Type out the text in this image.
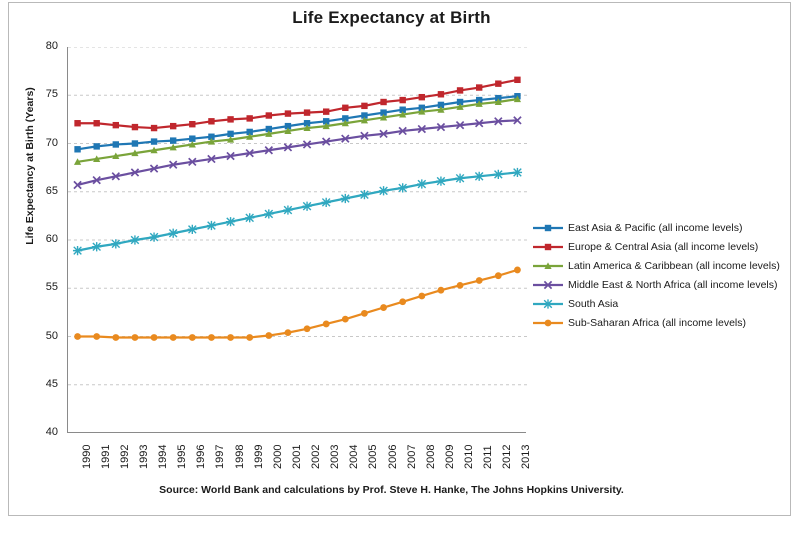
Life Expectancy at Birth
40
45
50
55
60
65
70
75
80
Life Expectancy at Birth (Years)
1990 1991 1992 1993 1994 1995 1996 1997 1998 1999 2000 2001 2002 2003 2004 2005 2006 2007 2008 2009 2010 2011 2012 2013
East Asia & Pacific (all income levels)
Europe & Central Asia (all income levels)
Latin America & Caribbean (all income levels)
Middle East & North Africa (all income levels)
South Asia
Sub-Saharan Africa (all income levels)
Source: World Bank and calculations by Prof. Steve H. Hanke, The Johns Hopkins University.
